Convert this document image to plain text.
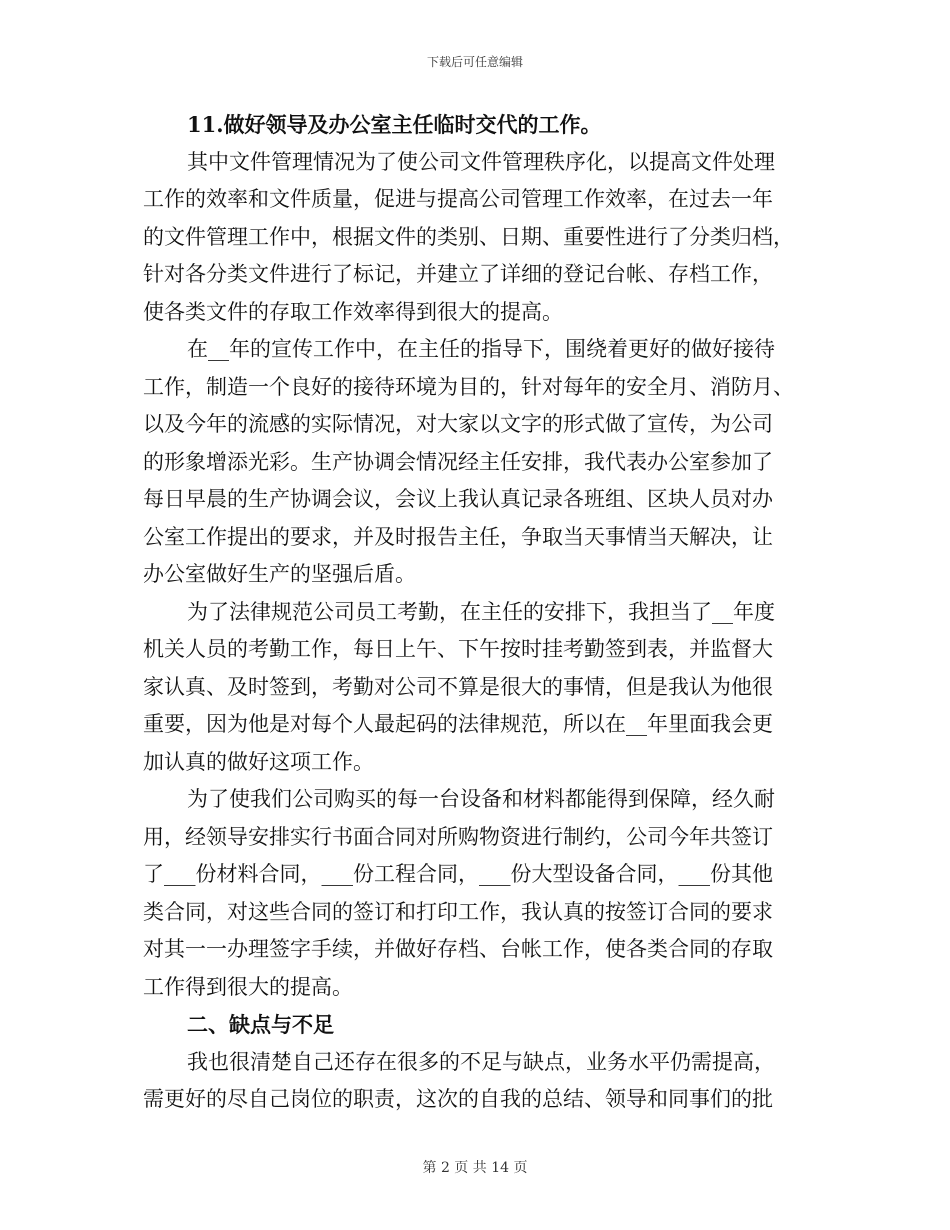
下载后可任意编辑
11.做好领导及办公室主任临时交代的工作。
其中文件管理情况为了使公司文件管理秩序化，以提高文件处理
工作的效率和文件质量，促进与提高公司管理工作效率，在过去一年
的文件管理工作中，根据文件的类别、日期、重要性进行了分类归档，
针对各分类文件进行了标记，并建立了详细的登记台帐、存档工作，
使各类文件的存取工作效率得到很大的提高。
在__年的宣传工作中，在主任的指导下，围绕着更好的做好接待
工作，制造一个良好的接待环境为目的，针对每年的安全月、消防月、
以及今年的流感的实际情况，对大家以文字的形式做了宣传，为公司
的形象增添光彩。生产协调会情况经主任安排，我代表办公室参加了
每日早晨的生产协调会议，会议上我认真记录各班组、区块人员对办
公室工作提出的要求，并及时报告主任，争取当天事情当天解决，让
办公室做好生产的坚强后盾。
为了法律规范公司员工考勤，在主任的安排下，我担当了__年度
机关人员的考勤工作，每日上午、下午按时挂考勤签到表，并监督大
家认真、及时签到，考勤对公司不算是很大的事情，但是我认为他很
重要，因为他是对每个人最起码的法律规范，所以在__年里面我会更
加认真的做好这项工作。
为了使我们公司购买的每一台设备和材料都能得到保障，经久耐
用，经领导安排实行书面合同对所购物资进行制约，公司今年共签订
了___份材料合同，___份工程合同，___份大型设备合同，___份其他
类合同，对这些合同的签订和打印工作，我认真的按签订合同的要求
对其一一办理签字手续，并做好存档、台帐工作，使各类合同的存取
工作得到很大的提高。
二、缺点与不足
我也很清楚自己还存在很多的不足与缺点，业务水平仍需提高，
需更好的尽自己岗位的职责，这次的自我的总结、领导和同事们的批
第 2 页 共 14 页
